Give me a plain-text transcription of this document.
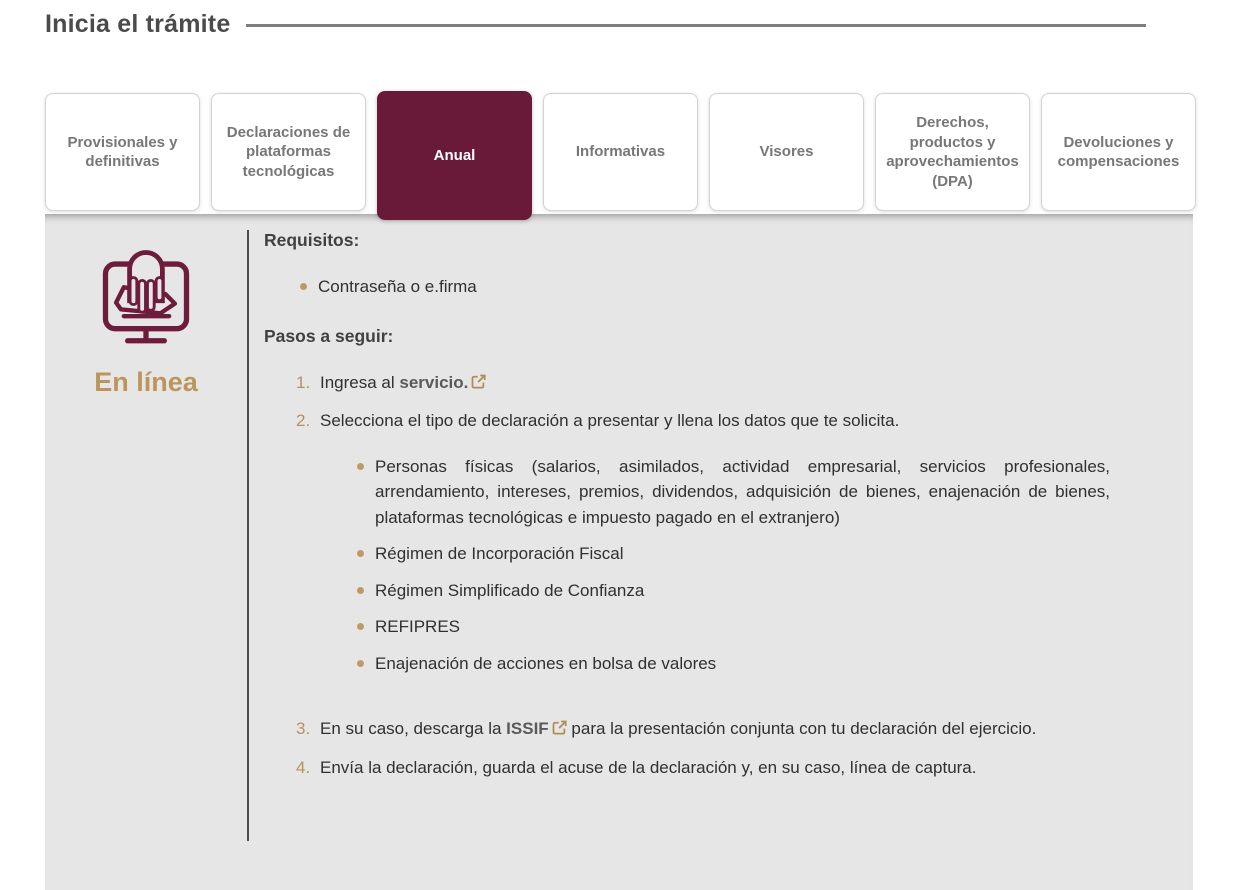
Inicia el trámite
Provisionales y definitivas
Declaraciones de plataformas tecnológicas
Anual	Informativas	Visores
Derechos, productos y aprovechamientos (DPA)
Devoluciones y compensaciones
En línea
Requisitos:
Contraseña o e.firma
Pasos a seguir:
1. Ingresa al servicio.
2. Selecciona el tipo de declaración a presentar y llena los datos que te solicita.
Personas físicas (salarios, asimilados, actividad empresarial, servicios profesionales, arrendamiento, intereses, premios, dividendos, adquisición de bienes, enajenación de bienes, plataformas tecnológicas e impuesto pagado en el extranjero)
Régimen de Incorporación Fiscal
Régimen Simplificado de Confianza
REFIPRES
Enajenación de acciones en bolsa de valores
3. En su caso, descarga la ISSIF
para la presentación conjunta con tu declaración del ejercicio.
4. Envía la declaración, guarda el acuse de la declaración y, en su caso, línea de captura.
